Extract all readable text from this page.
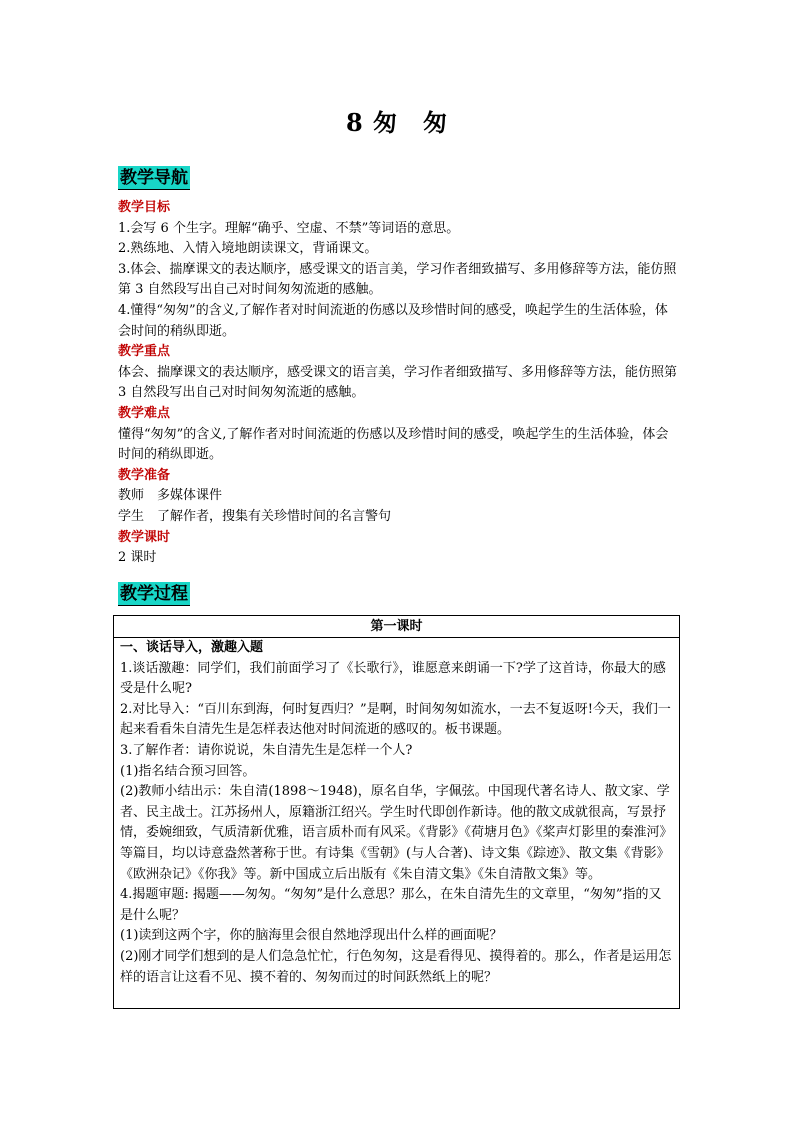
8 匆　匆
教学导航

教学目标

1.会写 6 个生字。理解“确乎、空虚、不禁”等词语的意思。

2.熟练地、入情入境地朗读课文，背诵课文。

3.体会、揣摩课文的表达顺序，感受课文的语言美，学习作者细致描写、多用修辞等方法，能仿照第 3 自然段写出自己对时间匆匆流逝的感触。

4.懂得“匆匆”的含义,了解作者对时间流逝的伤感以及珍惜时间的感受，唤起学生的生活体验，体会时间的稍纵即逝。

教学重点

体会、揣摩课文的表达顺序，感受课文的语言美，学习作者细致描写、多用修辞等方法，能仿照第 3 自然段写出自己对时间匆匆流逝的感触。

教学难点

懂得“匆匆”的含义,了解作者对时间流逝的伤感以及珍惜时间的感受，唤起学生的生活体验，体会时间的稍纵即逝。

教学准备

教师　多媒体课件

学生　了解作者，搜集有关珍惜时间的名言警句

教学课时

2 课时

教学过程
第一课时

一、谈话导入，激趣入题

1.谈话激趣：同学们，我们前面学习了《长歌行》，谁愿意来朗诵一下?学了这首诗，你最大的感受是什么呢?

2.对比导入：“百川东到海，何时复西归？”是啊，时间匆匆如流水，一去不复返呀!今天，我们一起来看看朱自清先生是怎样表达他对时间流逝的感叹的。板书课题。

3.了解作者：请你说说，朱自清先生是怎样一个人?

(1)指名结合预习回答。

(2)教师小结出示：朱自清(1898～1948)，原名自华，字佩弦。中国现代著名诗人、散文家、学者、民主战士。江苏扬州人，原籍浙江绍兴。学生时代即创作新诗。他的散文成就很高，写景抒情，委婉细致，气质清新优雅，语言质朴而有风采。《背影》《荷塘月色》《桨声灯影里的秦淮河》等篇目，均以诗意盎然著称于世。有诗集《雪朝》(与人合著)、诗文集《踪迹》、散文集《背影》《欧洲杂记》《你我》等。新中国成立后出版有《朱自清文集》《朱自清散文集》等。

4.揭题审题: 揭题——匆匆。“匆匆”是什么意思？那么，在朱自清先生的文章里，“匆匆”指的又是什么呢？

(1)读到这两个字，你的脑海里会很自然地浮现出什么样的画面呢？

(2)刚才同学们想到的是人们急急忙忙，行色匆匆，这是看得见、摸得着的。那么，作者是运用怎样的语言让这看不见、摸不着的、匆匆而过的时间跃然纸上的呢？
